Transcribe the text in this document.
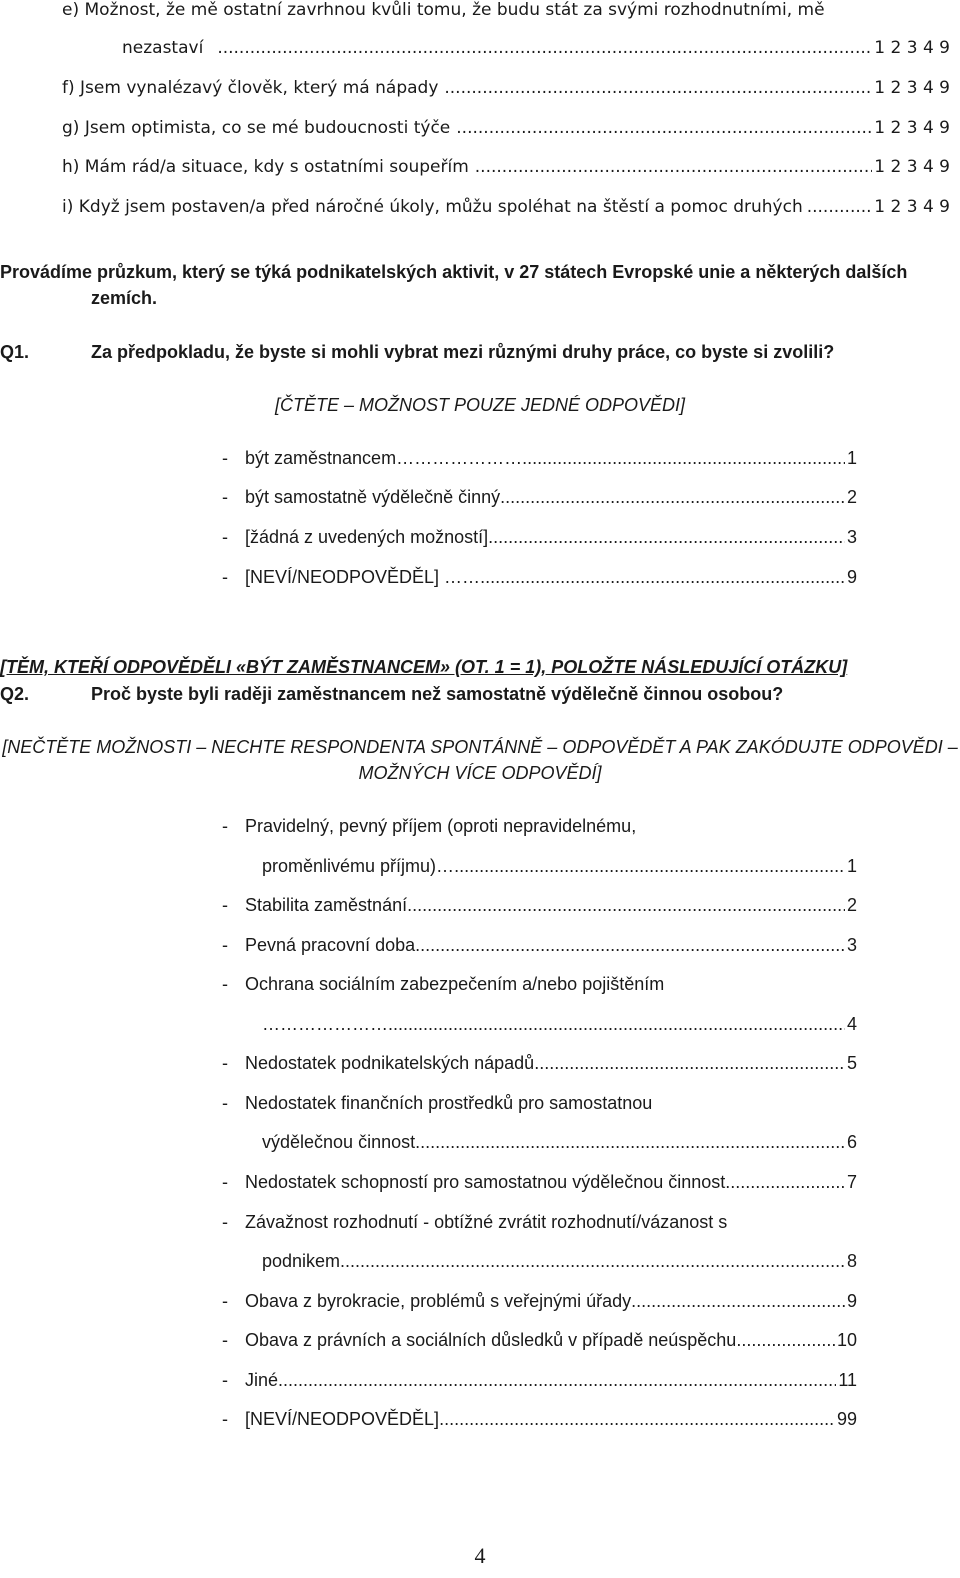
e) Možnost, že mě ostatní zavrhnou kvůli tomu, že budu stát za svými rozhodnutními, mě
nezastaví .....	1 2 3 4 9
f) Jsem vynalézavý člověk, který má nápady .....	1 2 3 4 9
g) Jsem optimista, co se mé budoucnosti týče .....	1 2 3 4 9
h) Mám rád/a situace, kdy s ostatními soupeřím .....	1 2 3 4 9
i) Když jsem postaven/a před náročné úkoly, můžu spoléhat na štěstí a pomoc druhých .....	1 2 3 4 9
Provádíme průzkum, který se týká podnikatelských aktivit, v 27 státech Evropské unie a některých dalších
zemích.
Q1.	Za předpokladu, že byste si mohli vybrat mezi různými druhy práce, co byste si zvolili?
[ČTĚTE – MOŽNOST POUZE JEDNÉ ODPOVĚDI]
- být zaměstnancem………………….. .....	1
- být samostatně výdělečně činný .....	2
- [žádná z uvedených možností] .....	3
- [NEVÍ/NEODPOVĚDĚL] …… .....	9
[TĚM, KTEŘÍ ODPOVĚDĚLI «BÝT ZAMĚSTNANCEM» (OT. 1 = 1), POLOŽTE NÁSLEDUJÍCÍ OTÁZKU]
Q2.	Proč byste byli raději zaměstnancem než samostatně výdělečně činnou osobou?
[NEČTĚTE MOŽNOSTI – NECHTE RESPONDENTA SPONTÁNNĚ – ODPOVĚDĚT A PAK ZAKÓDUJTE ODPOVĚDI –
MOŽNÝCH VÍCE ODPOVĚDÍ]
- Pravidelný, pevný příjem (oproti nepravidelnému,
proměnlivému příjmu)… .....	1
- Stabilita zaměstnání .....	2
- Pevná pracovní doba .....	3
- Ochrana sociálním zabezpečením a/nebo pojištěním
………………… .....	4
- Nedostatek podnikatelských nápadů .....	5
- Nedostatek finančních prostředků pro samostatnou
výdělečnou činnost .....	6
- Nedostatek schopností pro samostatnou výdělečnou činnost .....	7
- Závažnost rozhodnutí - obtížné zvrátit rozhodnutí/vázanost s
podnikem .....	8
- Obava z byrokracie, problémů s veřejnými úřady .....	9
- Obava z právních a sociálních důsledků v případě neúspěchu .....	10
- Jiné .....	11
- [NEVÍ/NEODPOVĚDĚL] .....	99
4
